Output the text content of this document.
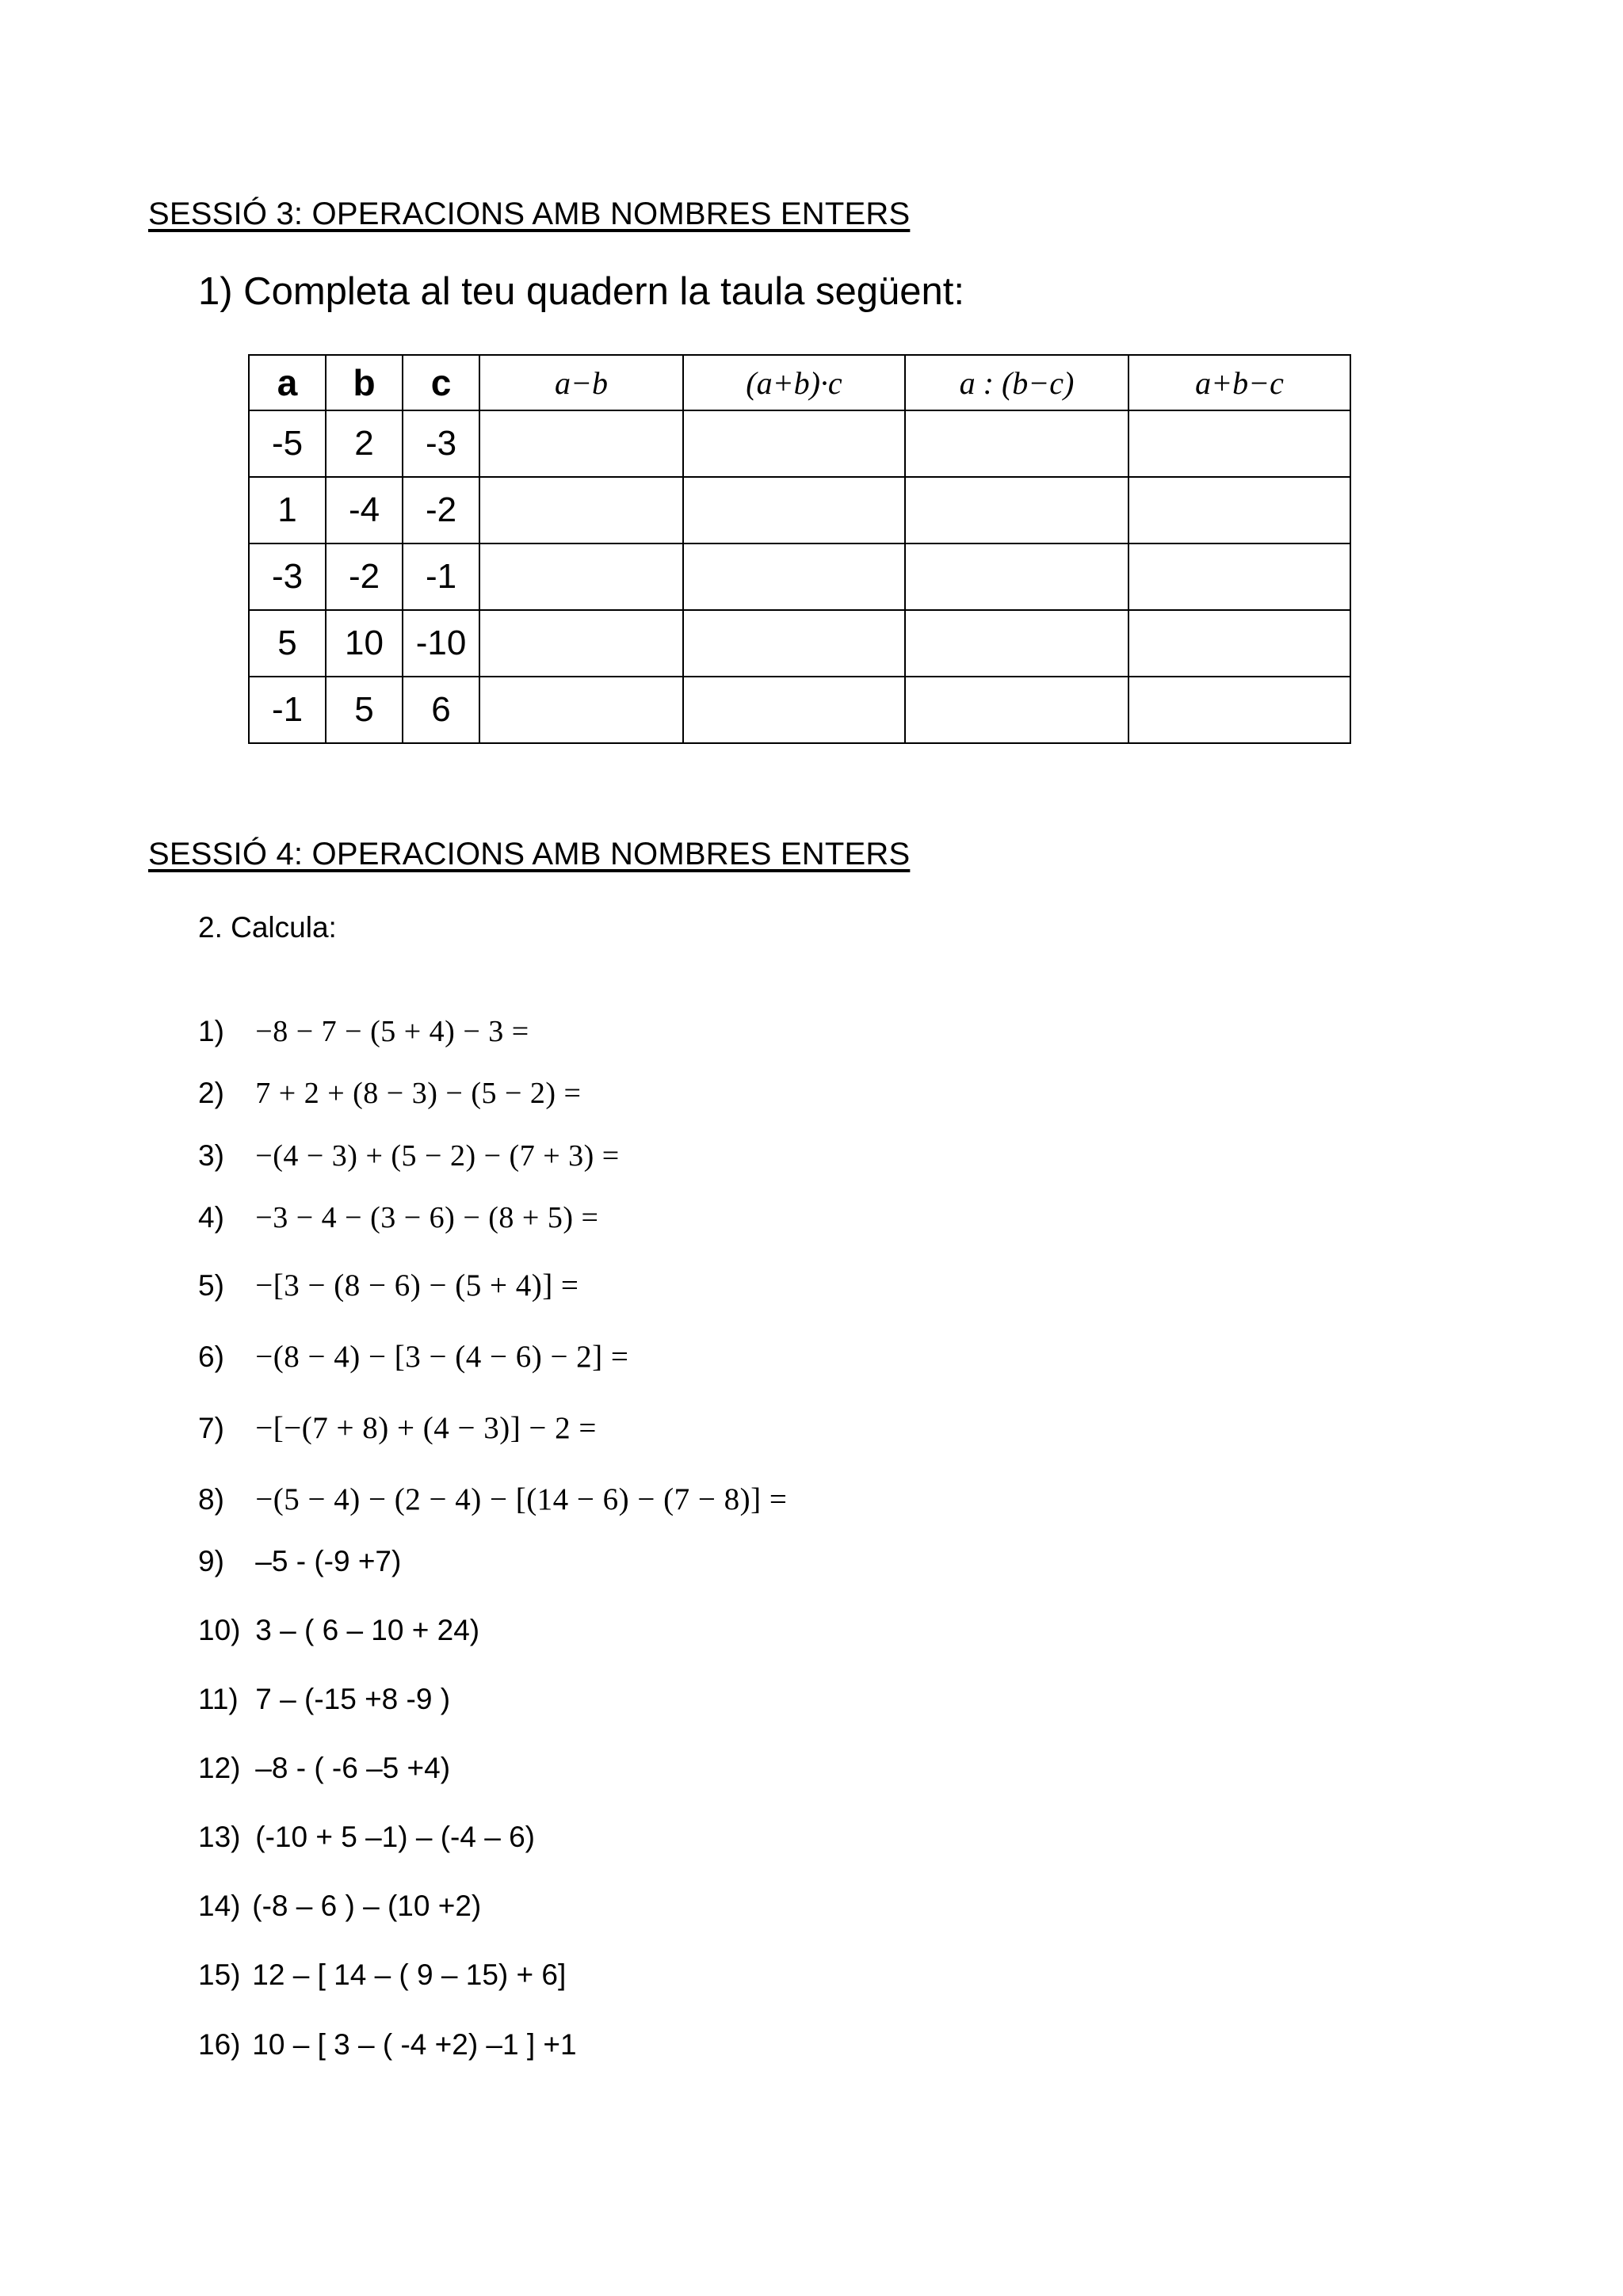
SESSIÓ 3: OPERACIONS AMB NOMBRES ENTERS
1) Completa al teu quadern la taula següent:
a	b	c	a−b	(a+b)·c	a : (b−c)	a+b−c
-5	2	-3				
1	-4	-2				
-3	-2	-1				
5	10	-10				
-1	5	6				
SESSIÓ 4: OPERACIONS AMB NOMBRES ENTERS
2. Calcula:
1) −8 − 7 − (5 + 4) − 3 =
2) 7 + 2 + (8 − 3) − (5 − 2) =
3) −(4 − 3) + (5 − 2) − (7 + 3) =
4) −3 − 4 − (3 − 6) − (8 + 5) =
5) −[3 − (8 − 6) − (5 + 4)] =
6) −(8 − 4) − [3 − (4 − 6) − 2] =
7) −[−(7 + 8) + (4 − 3)] − 2 =
8) −(5 − 4) − (2 − 4) − [(14 − 6) − (7 − 8)] =
9) –5 - (-9 +7)
10) 3 – ( 6 – 10 + 24)
11) 7 – (-15 +8 -9 )
12) –8 - ( -6 –5 +4)
13) (-10 + 5 –1) – (-4 – 6)
14) (-8 – 6 ) – (10 +2)
15) 12 – [ 14 – ( 9 – 15) + 6]
16) 10 – [ 3 – ( -4 +2) –1 ] +1
